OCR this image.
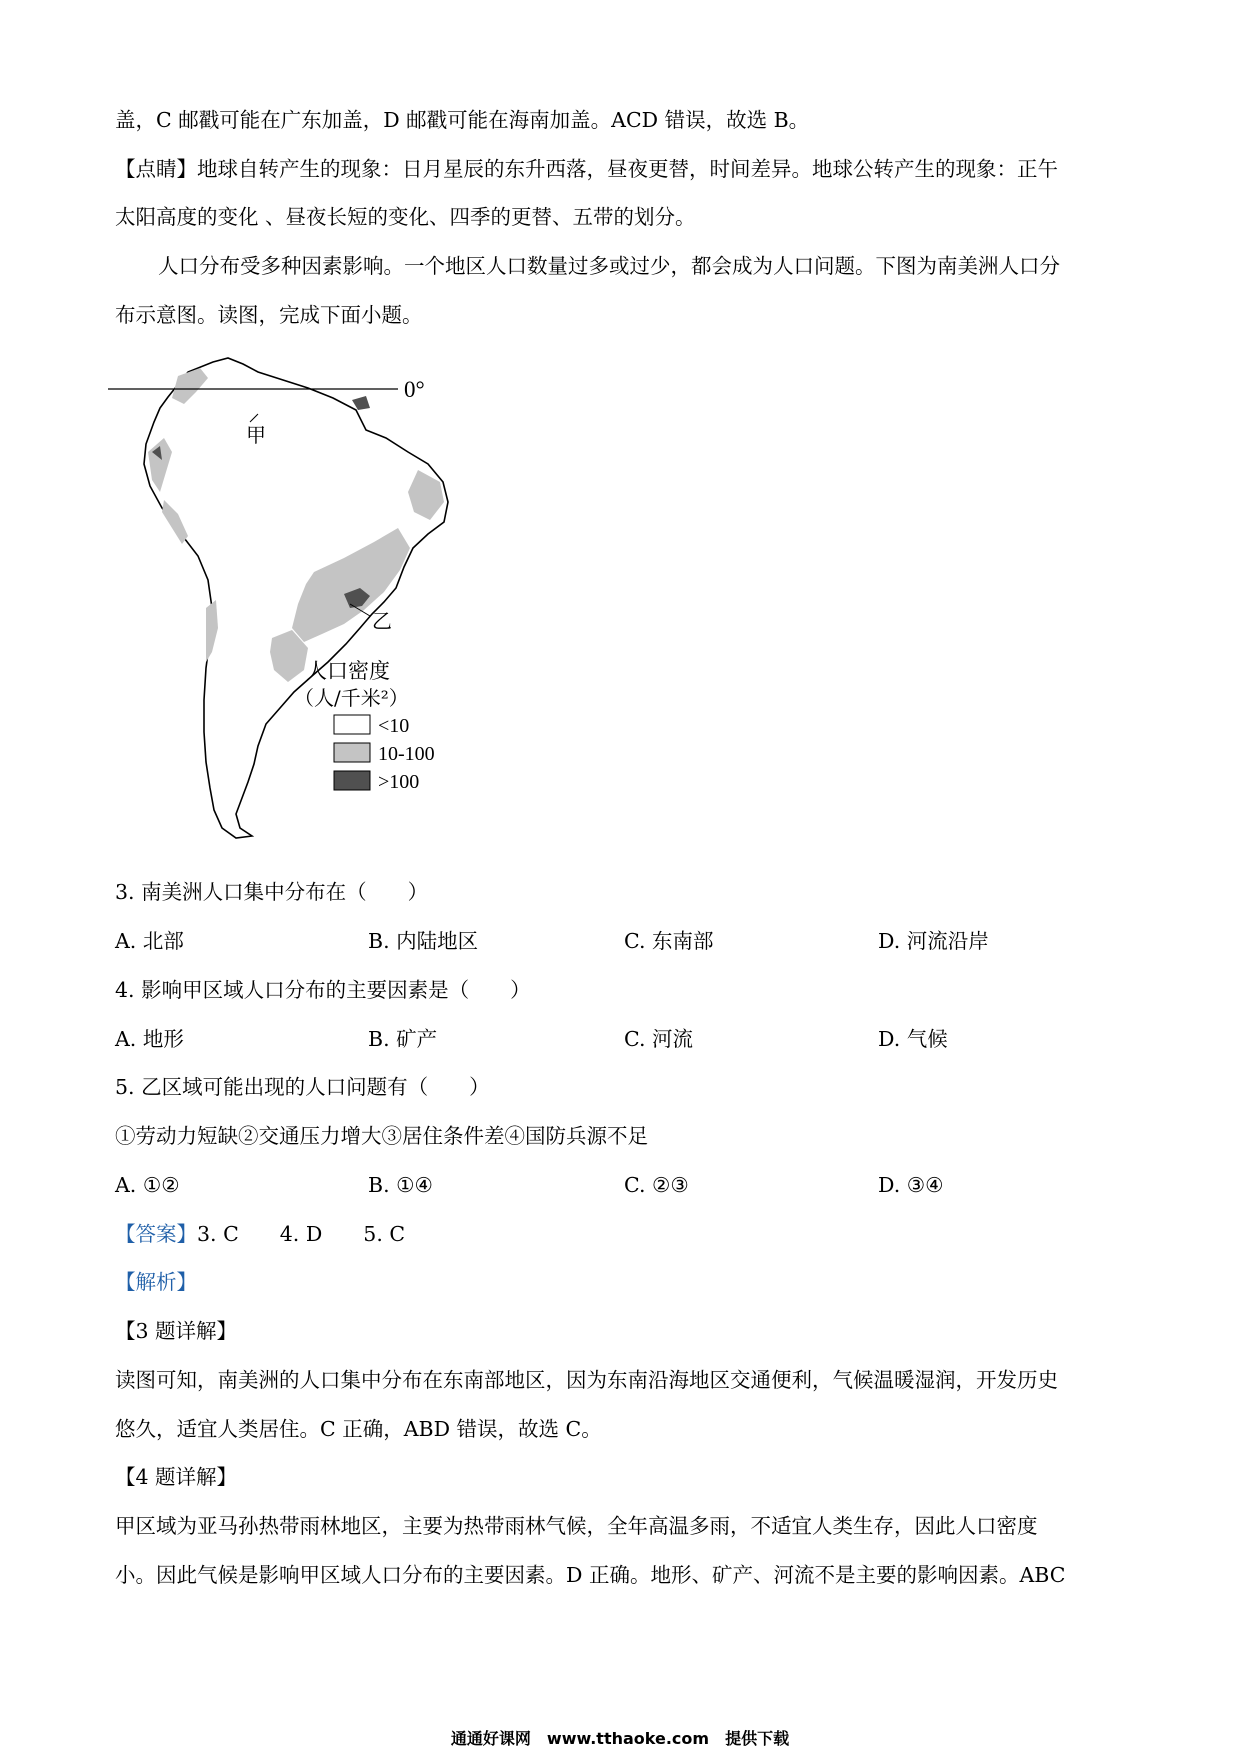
盖，C 邮戳可能在广东加盖，D 邮戳可能在海南加盖。ACD 错误，故选 B。
【点睛】地球自转产生的现象：日月星辰的东升西落，昼夜更替，时间差异。地球公转产生的现象：正午
太阳高度的变化 、昼夜长短的变化、四季的更替、五带的划分。
人口分布受多种因素影响。一个地区人口数量过多或过少，都会成为人口问题。下图为南美洲人口分
布示意图。读图，完成下面小题。
0°
甲
乙
人口密度
（人/千米²）
<10
10-100
>100
3. 南美洲人口集中分布在（　　）
A. 北部	B. 内陆地区	C. 东南部	D. 河流沿岸
4. 影响甲区域人口分布的主要因素是（　　）
A. 地形	B. 矿产	C. 河流	D. 气候
5. 乙区域可能出现的人口问题有（　　）
①劳动力短缺②交通压力增大③居住条件差④国防兵源不足
A. ①②	B. ①④	C. ②③	D. ③④
【答案】3. C　　4. D　　5. C
【解析】
【3 题详解】
读图可知，南美洲的人口集中分布在东南部地区，因为东南沿海地区交通便利，气候温暖湿润，开发历史
悠久，适宜人类居住。C 正确，ABD 错误，故选 C。
【4 题详解】
甲区域为亚马孙热带雨林地区，主要为热带雨林气候，全年高温多雨，不适宜人类生存，因此人口密度
小。因此气候是影响甲区域人口分布的主要因素。D 正确。地形、矿产、河流不是主要的影响因素。ABC
通通好课网　www.tthaoke.com　提供下载
